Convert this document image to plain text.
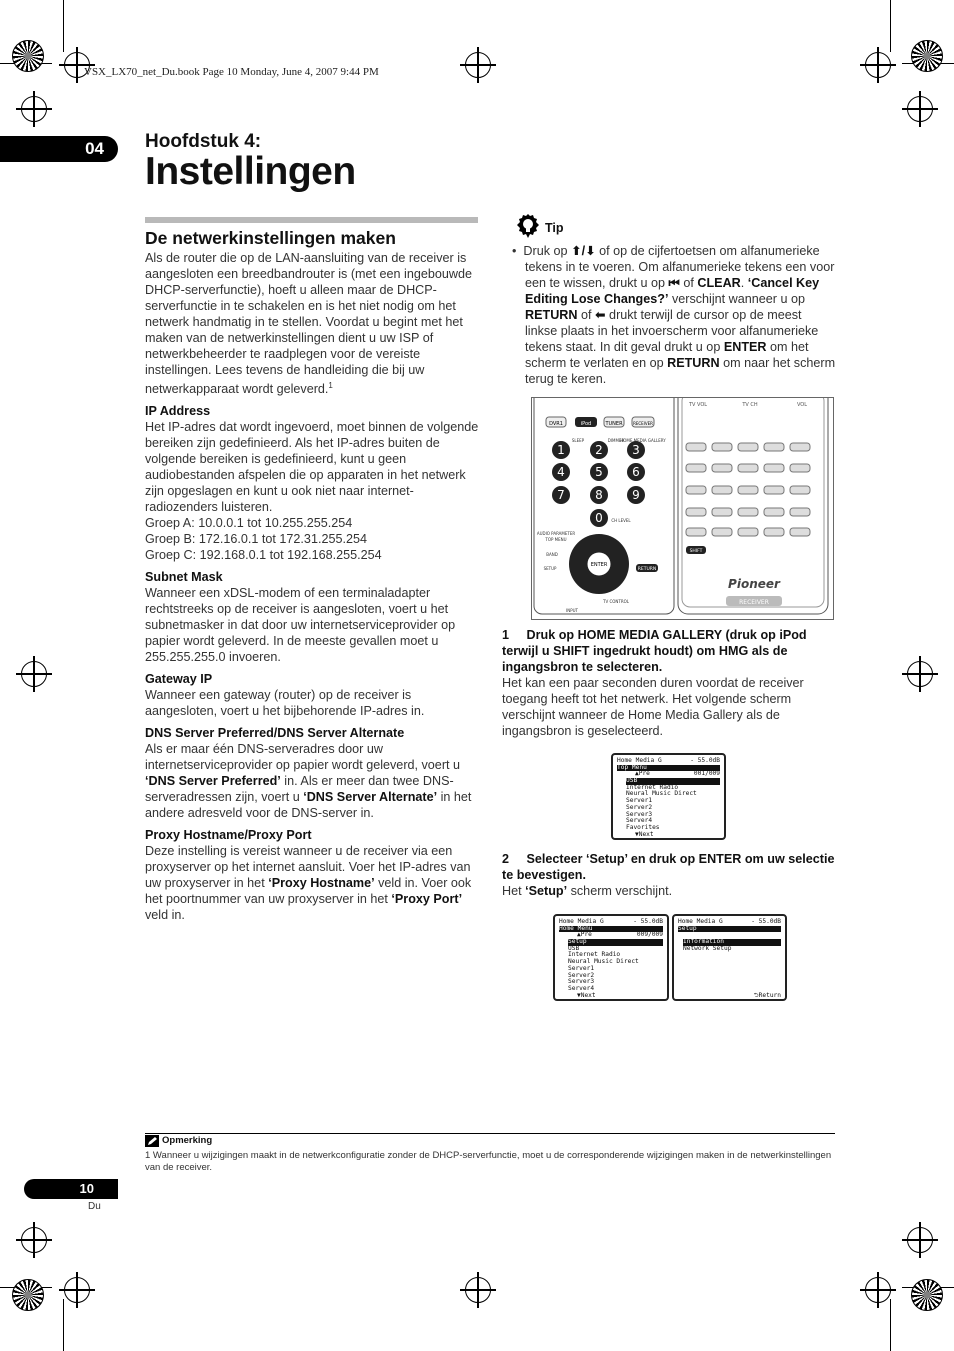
VSX_LX70_net_Du.book Page 10 Monday, June 4, 2007 9:44 PM
04	Hoofdstuk 4:
Instellingen
De netwerkinstellingen maken

Als de router die op de LAN-aansluiting van de receiver is aangesloten een breedbandrouter is (met een ingebouwde DHCP-serverfunctie), hoeft u alleen maar de DHCP-serverfunctie in te schakelen en is het niet nodig om het netwerk handmatig in te stellen. Voordat u begint met het maken van de netwerkinstellingen dient u uw ISP of netwerkbeheerder te raadplegen voor de vereiste instellingen. Lees tevens de handleiding die bij uw netwerkapparaat wordt geleverd.$^1$

IP Address

Het IP-adres dat wordt ingevoerd, moet binnen de volgende bereiken zijn gedefinieerd. Als het IP-adres buiten de volgende bereiken is gedefinieerd, kunt u geen audiobestanden afspelen die op apparaten in het netwerk zijn opgeslagen en kunt u ook niet naar internet-radiozenders luisteren.

Groep A: 10.0.0.1 tot 10.255.255.254

Groep B: 172.16.0.1 tot 172.31.255.254

Groep C: 192.168.0.1 tot 192.168.255.254

Subnet Mask

Wanneer een xDSL-modem of een terminaladapter rechtstreeks op de receiver is aangesloten, voert u het subnetmasker in dat door uw internetserviceprovider op papier wordt geleverd. In de meeste gevallen moet u 255.255.255.0 invoeren.

Gateway IP

Wanneer een gateway (router) op de receiver is aangesloten, voert u het bijbehorende IP-adres in.

DNS Server Preferred/DNS Server Alternate

Als er maar één DNS-serveradres door uw internetserviceprovider op papier wordt geleverd, voert u ‘DNS Server Preferred’ in. Als er meer dan twee DNS-serveradressen zijn, voert u ‘DNS Server Alternate’ in het andere adresveld voor de DNS-server in.

Proxy Hostname/Proxy Port

Deze instelling is vereist wanneer u de receiver via een proxyserver op het internet aansluit. Voer het IP-adres van uw proxyserver in het ‘Proxy Hostname’ veld in. Voer ook het poortnummer van uw proxyserver in het ‘Proxy Port’ veld in.

Tip

•  Druk op ⬆/⬇ of op de cijfertoetsen om alfanumerieke tekens in te voeren. Om alfanumerieke tekens een voor een te wissen, drukt u op ⏮ of CLEAR. ‘Cancel Key Editing Lose Changes?’ verschijnt wanneer u op RETURN of ⬅ drukt terwijl de cursor op de meest linkse plaats in het invoerscherm voor alfanumerieke tekens staat. In dit geval drukt u op ENTER om het scherm te verlaten en op RETURN om naar het scherm terug te keren.

DVR1	iPod	TUNER	RECEIVER
1	2 3
4	5 6
7	8 9
0
SLEEP	DIMMER
AUDIO PARAMETER
BAND
SETUP
TV CONTROL
INPUT
HOME MEDIA GALLERY
TOP MENU
CH LEVEL
ENTER
RETURN
TV VOL	TV CH	VOL
SHIFT
Pioneer
RECEIVER

1 Druk op HOME MEDIA GALLERY (druk op iPod terwijl u SHIFT ingedrukt houdt) om HMG als de ingangsbron te selecteren.

Het kan een paar seconden duren voordat de receiver toegang heeft tot het netwerk. Het volgende scherm verschijnt wanneer de Home Media Gallery als de ingangsbron is geselecteerd.

Home Media G	- 55.0dB
Top Menu
▲Pre	001/009
USB
Internet Radio
Neural Music Direct
Server1
Server2
Server3
Server4
Favorites
▼Next

2 Selecteer ‘Setup’ en druk op ENTER om uw selectie te bevestigen.

Het ‘Setup’ scherm verschijnt.

Home Media G	- 55.0dB
Home Menu
▲Pre	009/009
Setup
USB
Internet Radio
Neural Music Direct
Server1
Server2
Server3
Server4
▼Next
Home Media G	- 55.0dB
Setup

Information
Network Setup

⮌Return
Opmerking
1 Wanneer u wijzigingen maakt in de netwerkconfiguratie zonder de DHCP-serverfunctie, moet u de corresponderende wijzigingen maken in de netwerkinstellingen van de receiver.
10
Du
